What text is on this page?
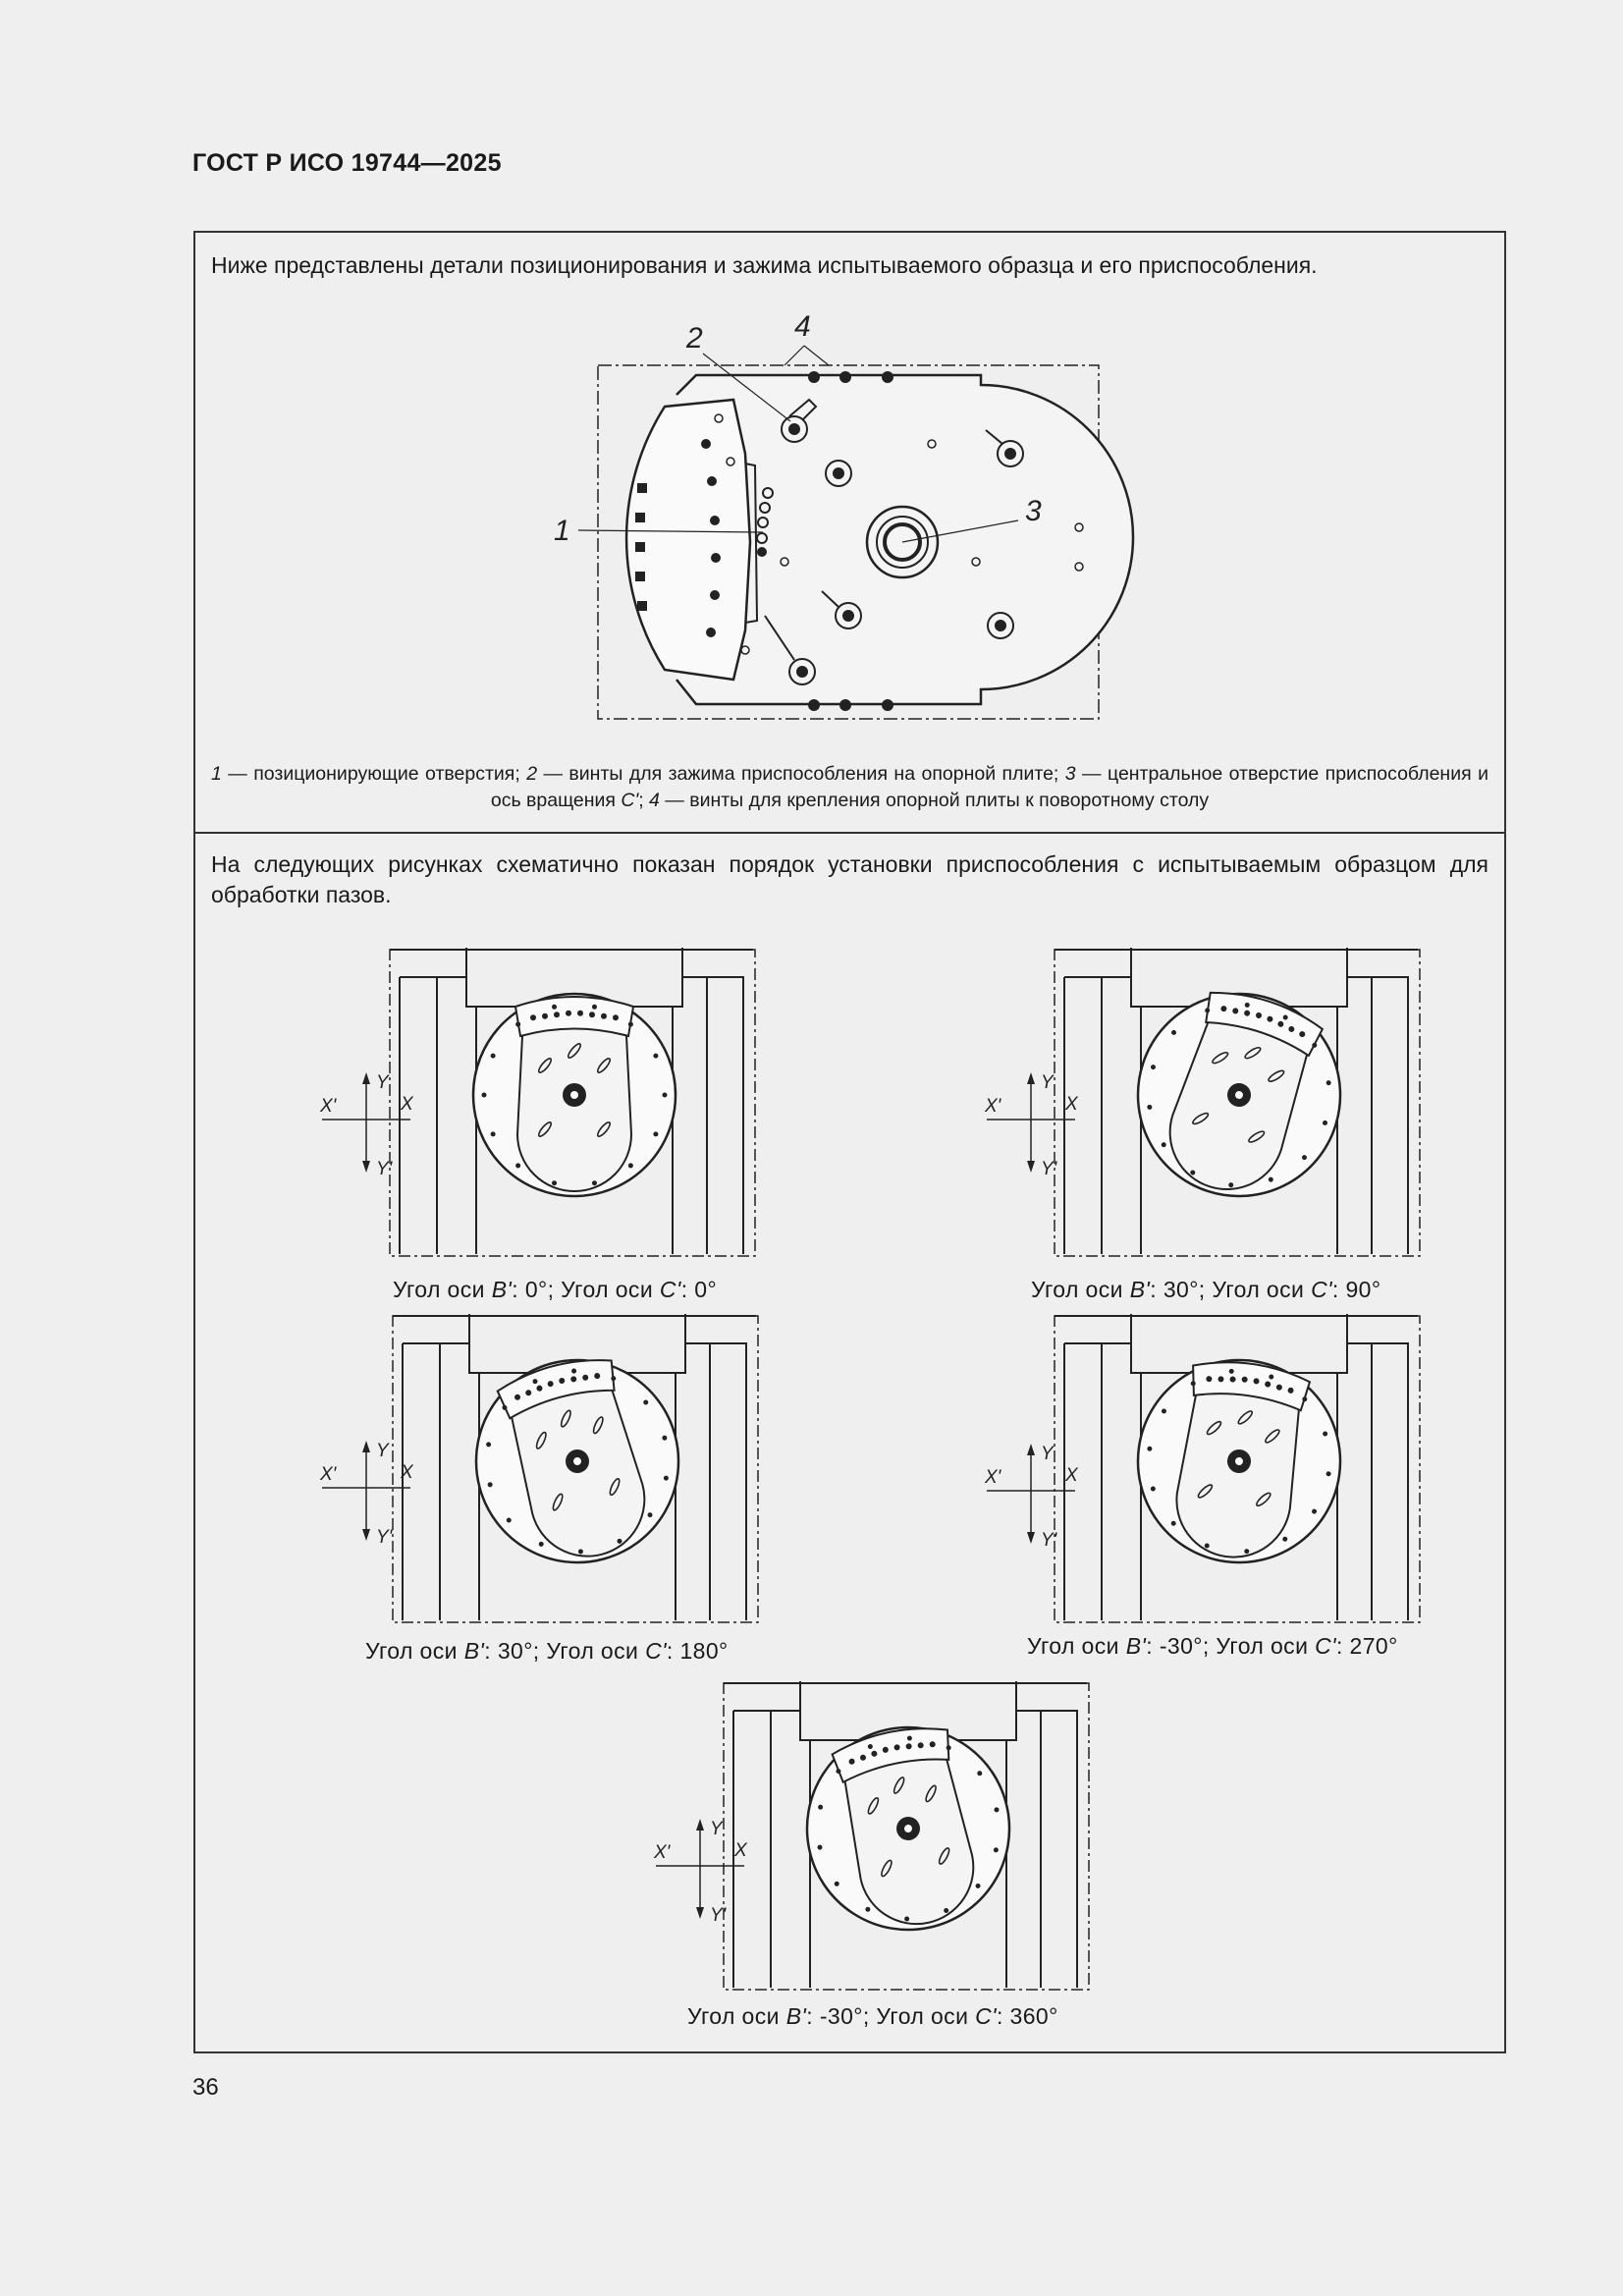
ГОСТ Р ИСО 19744—2025
Ниже представлены детали позиционирования и зажима испытываемого образца и его приспособления.
1
2
3
4
1 — позиционирующие отверстия; 2 — винты для зажима приспособления на опорной плите; 3 — центральное отверстие приспособления и ось вращения C'; 4 — винты для крепления опорной плиты к поворотному столу
На следующих рисунках схематично показан порядок установки приспособления с испытываемым образцом для обработки пазов.
Y
Y'
X
X'
Угол оси B': 0°; Угол оси C': 0°
Y
Y'
X
X'
Угол оси B': 30°; Угол оси C': 90°
Y
Y'
X
X'
Угол оси B': 30°; Угол оси C': 180°
Y
Y'
X
X'
Угол оси B': -30°; Угол оси C': 270°
Y
Y'
X
X'
Угол оси B': -30°; Угол оси C': 360°
36
